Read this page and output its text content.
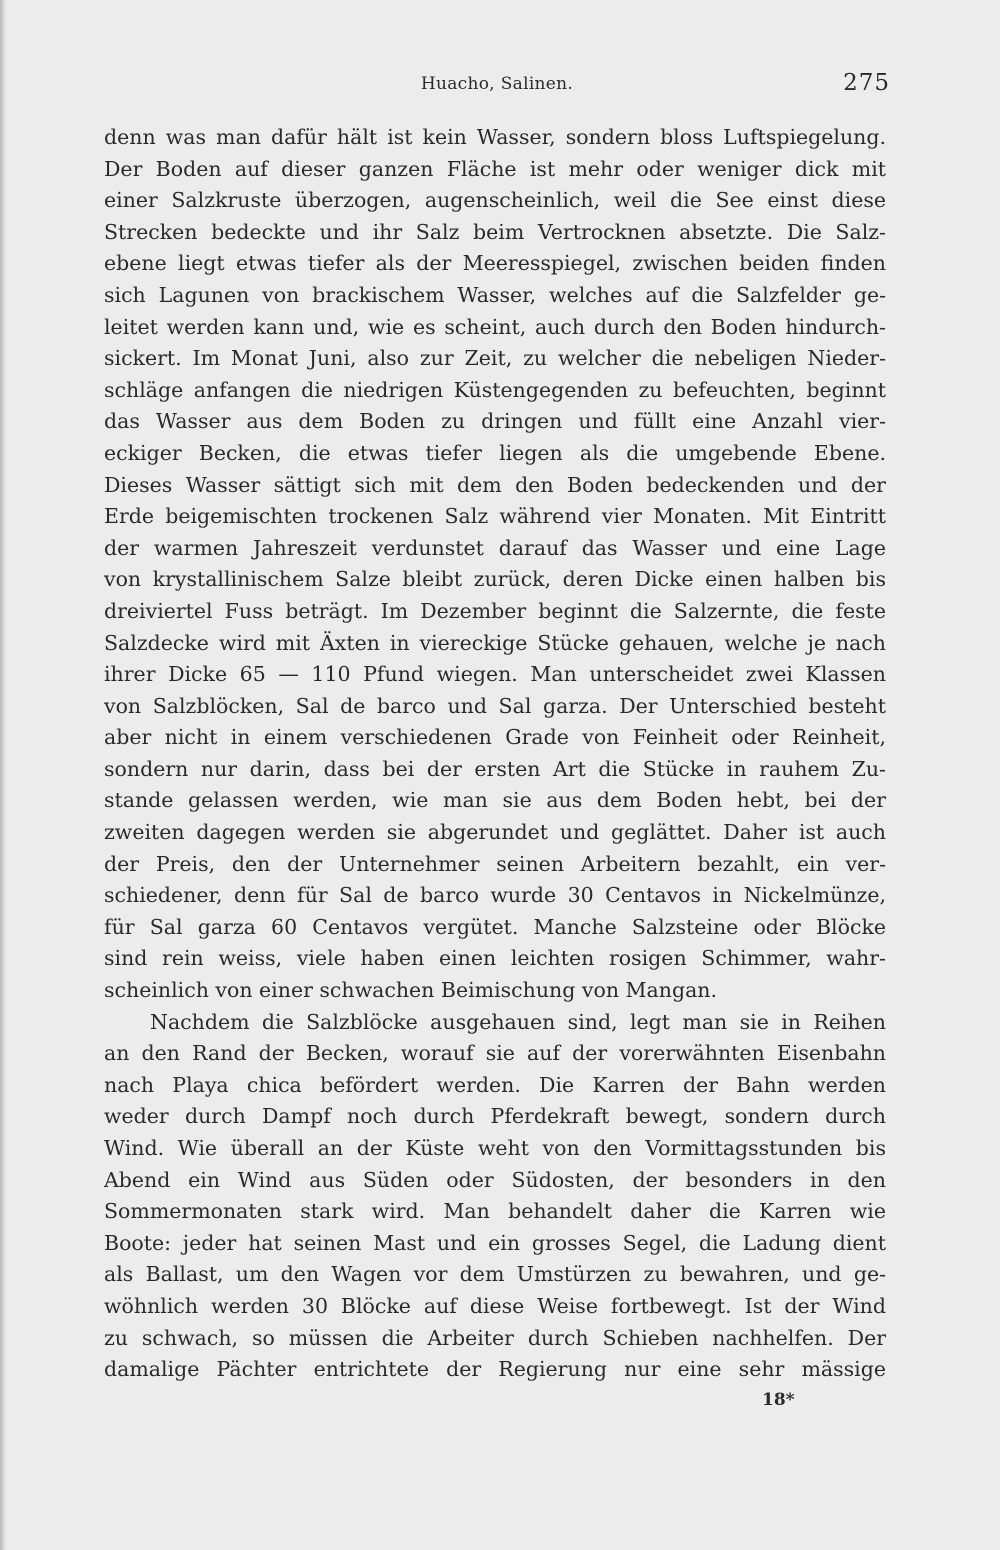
Huacho, Salinen.	275
denn was man dafür hält ist kein Wasser, sondern bloss Luftspiegelung.
Der Boden auf dieser ganzen Fläche ist mehr oder weniger dick mit
einer Salzkruste überzogen, augenscheinlich, weil die See einst diese
Strecken bedeckte und ihr Salz beim Vertrocknen absetzte. Die Salz-
ebene liegt etwas tiefer als der Meeresspiegel, zwischen beiden finden
sich Lagunen von brackischem Wasser, welches auf die Salzfelder ge-
leitet werden kann und, wie es scheint, auch durch den Boden hindurch-
sickert. Im Monat Juni, also zur Zeit, zu welcher die nebeligen Nieder-
schläge anfangen die niedrigen Küstengegenden zu befeuchten, beginnt
das Wasser aus dem Boden zu dringen und füllt eine Anzahl vier-
eckiger Becken, die etwas tiefer liegen als die umgebende Ebene.
Dieses Wasser sättigt sich mit dem den Boden bedeckenden und der
Erde beigemischten trockenen Salz während vier Monaten. Mit Eintritt
der warmen Jahreszeit verdunstet darauf das Wasser und eine Lage
von krystallinischem Salze bleibt zurück, deren Dicke einen halben bis
dreiviertel Fuss beträgt. Im Dezember beginnt die Salzernte, die feste
Salzdecke wird mit Äxten in viereckige Stücke gehauen, welche je nach
ihrer Dicke 65 — 110 Pfund wiegen. Man unterscheidet zwei Klassen
von Salzblöcken, Sal de barco und Sal garza. Der Unterschied besteht
aber nicht in einem verschiedenen Grade von Feinheit oder Reinheit,
sondern nur darin, dass bei der ersten Art die Stücke in rauhem Zu-
stande gelassen werden, wie man sie aus dem Boden hebt, bei der
zweiten dagegen werden sie abgerundet und geglättet. Daher ist auch
der Preis, den der Unternehmer seinen Arbeitern bezahlt, ein ver-
schiedener, denn für Sal de barco wurde 30 Centavos in Nickelmünze,
für Sal garza 60 Centavos vergütet. Manche Salzsteine oder Blöcke
sind rein weiss, viele haben einen leichten rosigen Schimmer, wahr-
scheinlich von einer schwachen Beimischung von Mangan.
Nachdem die Salzblöcke ausgehauen sind, legt man sie in Reihen
an den Rand der Becken, worauf sie auf der vorerwähnten Eisenbahn
nach Playa chica befördert werden. Die Karren der Bahn werden
weder durch Dampf noch durch Pferdekraft bewegt, sondern durch
Wind. Wie überall an der Küste weht von den Vormittagsstunden bis
Abend ein Wind aus Süden oder Südosten, der besonders in den
Sommermonaten stark wird. Man behandelt daher die Karren wie
Boote: jeder hat seinen Mast und ein grosses Segel, die Ladung dient
als Ballast, um den Wagen vor dem Umstürzen zu bewahren, und ge-
wöhnlich werden 30 Blöcke auf diese Weise fortbewegt. Ist der Wind
zu schwach, so müssen die Arbeiter durch Schieben nachhelfen. Der
damalige Pächter entrichtete der Regierung nur eine sehr mässige
18*
